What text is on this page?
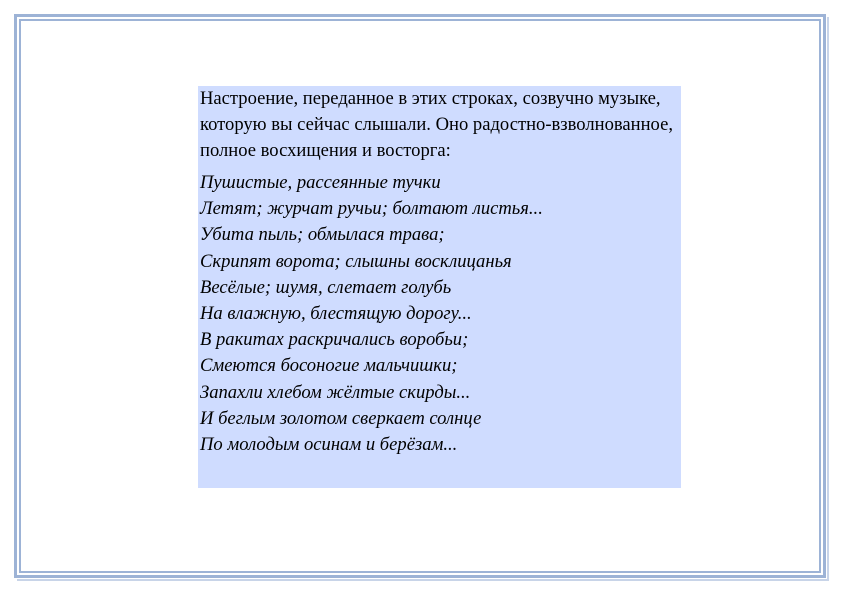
Настроение, переданное в этих строках, созвучно музыке, которую вы сейчас слышали. Оно радостно-взволнованное, полное восхищения и восторга:

Пушистые, рассеянные тучки
Летят; журчат ручьи; болтают листья...
Убита пыль; обмылася трава;
Скрипят ворота; слышны восклицанья
Весёлые; шумя, слетает голубь
На влажную, блестящую дорогу...
В ракитах раскричались воробьи;
Смеются босоногие мальчишки;
Запахли хлебом жёлтые скирды...
И беглым золотом сверкает солнце
По молодым осинам и берёзам...
